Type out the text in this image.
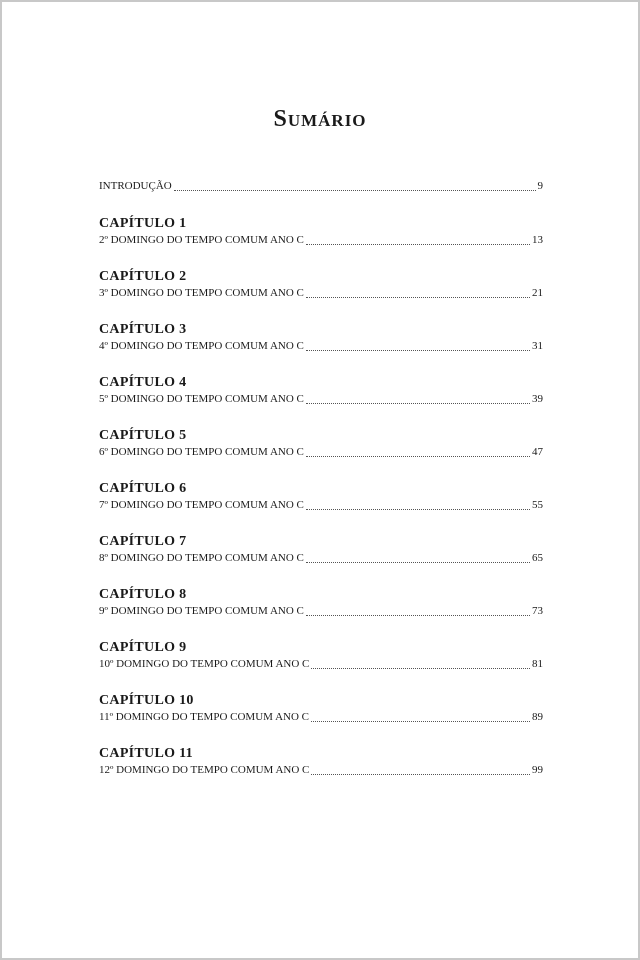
Sumário
INTRODUÇÃO	9
CAPÍTULO 1
2º DOMINGO DO TEMPO COMUM ANO C	13
CAPÍTULO 2
3º DOMINGO DO TEMPO COMUM ANO C	21
CAPÍTULO 3
4º DOMINGO DO TEMPO COMUM ANO C	31
CAPÍTULO 4
5º DOMINGO DO TEMPO COMUM ANO C	39
CAPÍTULO 5
6º DOMINGO DO TEMPO COMUM ANO C	47
CAPÍTULO 6
7º DOMINGO DO TEMPO COMUM ANO C	55
CAPÍTULO 7
8º DOMINGO DO TEMPO COMUM ANO C	65
CAPÍTULO 8
9º DOMINGO DO TEMPO COMUM ANO C	73
CAPÍTULO 9
10º DOMINGO DO TEMPO COMUM ANO C	81
CAPÍTULO 10
11º DOMINGO DO TEMPO COMUM ANO C	89
CAPÍTULO 11
12º DOMINGO DO TEMPO COMUM ANO C	99
